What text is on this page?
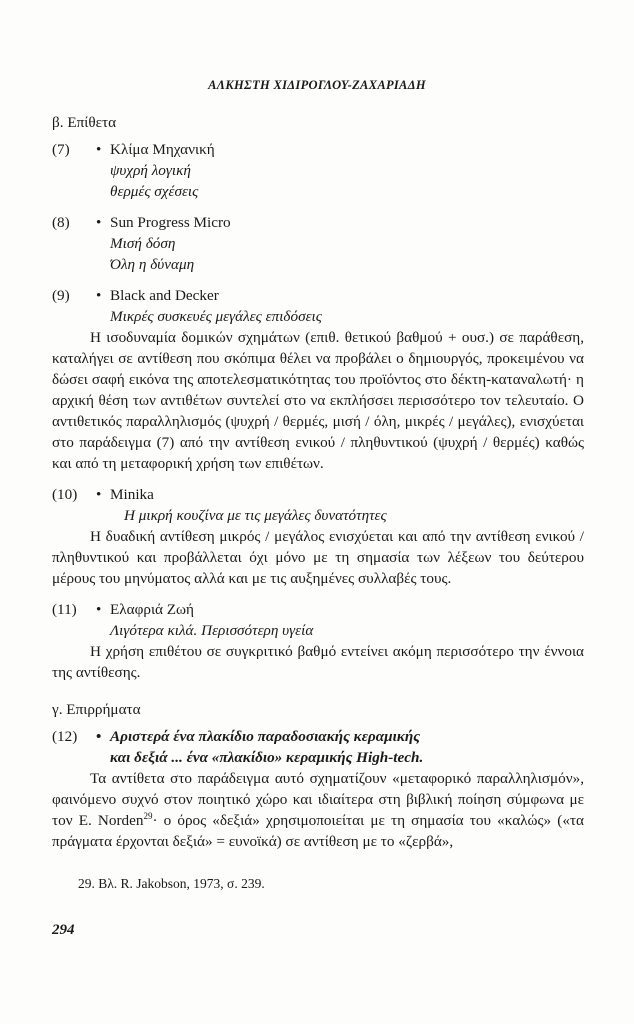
ΑΛΚΗΣΤΗ ΧΙΔΙΡΟΓΛΟΥ-ΖΑΧΑΡΙΑΔΗ
β. Επίθετα
(7)	• Κλίμα Μηχανική
ψυχρή λογική
θερμές σχέσεις
(8)	• Sun Progress Micro
Μισή δόση
Όλη η δύναμη
(9)	• Black and Decker
Μικρές συσκευές μεγάλες επιδόσεις

Η ισοδυναμία δομικών σχημάτων (επιθ. θετικού βαθμού + ουσ.) σε παράθεση, καταλήγει σε αντίθεση που σκόπιμα θέλει να προβάλει ο δημιουργός, προκειμένου να δώσει σαφή εικόνα της αποτελεσματικότητας του προϊόντος στο δέκτη-καταναλωτή· η αρχική θέση των αντιθέτων συντελεί στο να εκπλήσσει περισσότερο τον τελευταίο. Ο αντιθετικός παραλληλισμός (ψυχρή / θερμές, μισή / όλη, μικρές / μεγάλες), ενισχύεται στο παράδειγμα (7) από την αντίθεση ενικού / πληθυντικού (ψυχρή / θερμές) καθώς και από τη μεταφορική χρήση των επιθέτων.

(10)	• Minika
Η μικρή κουζίνα με τις μεγάλες δυνατότητες

Η δυαδική αντίθεση μικρός / μεγάλος ενισχύεται και από την αντίθεση ενικού / πληθυντικού και προβάλλεται όχι μόνο με τη σημασία των λέξεων του δεύτερου μέρους του μηνύματος αλλά και με τις αυξημένες συλλαβές τους.

(11)	• Ελαφριά Ζωή
Λιγότερα κιλά. Περισσότερη υγεία

Η χρήση επιθέτου σε συγκριτικό βαθμό εντείνει ακόμη περισσότερο την έννοια της αντίθεσης.

γ. Επιρρήματα
(12)	• Αριστερά ένα πλακίδιο παραδοσιακής κεραμικής
και δεξιά ... ένα «πλακίδιο» κεραμικής High-tech.

Τα αντίθετα στο παράδειγμα αυτό σχηματίζουν «μεταφορικό παραλληλισμόν», φαινόμενο συχνό στον ποιητικό χώρο και ιδιαίτερα στη βιβλική ποίηση σύμφωνα με τον E. Norden$^{29}$· ο όρος «δεξιά» χρησιμοποιείται με τη σημασία του «καλώς» («τα πράγματα έρχονται δεξιά» = ευνοϊκά) σε αντίθεση με το «ζερβά»,

29. Βλ. R. Jakobson, 1973, σ. 239.
294
